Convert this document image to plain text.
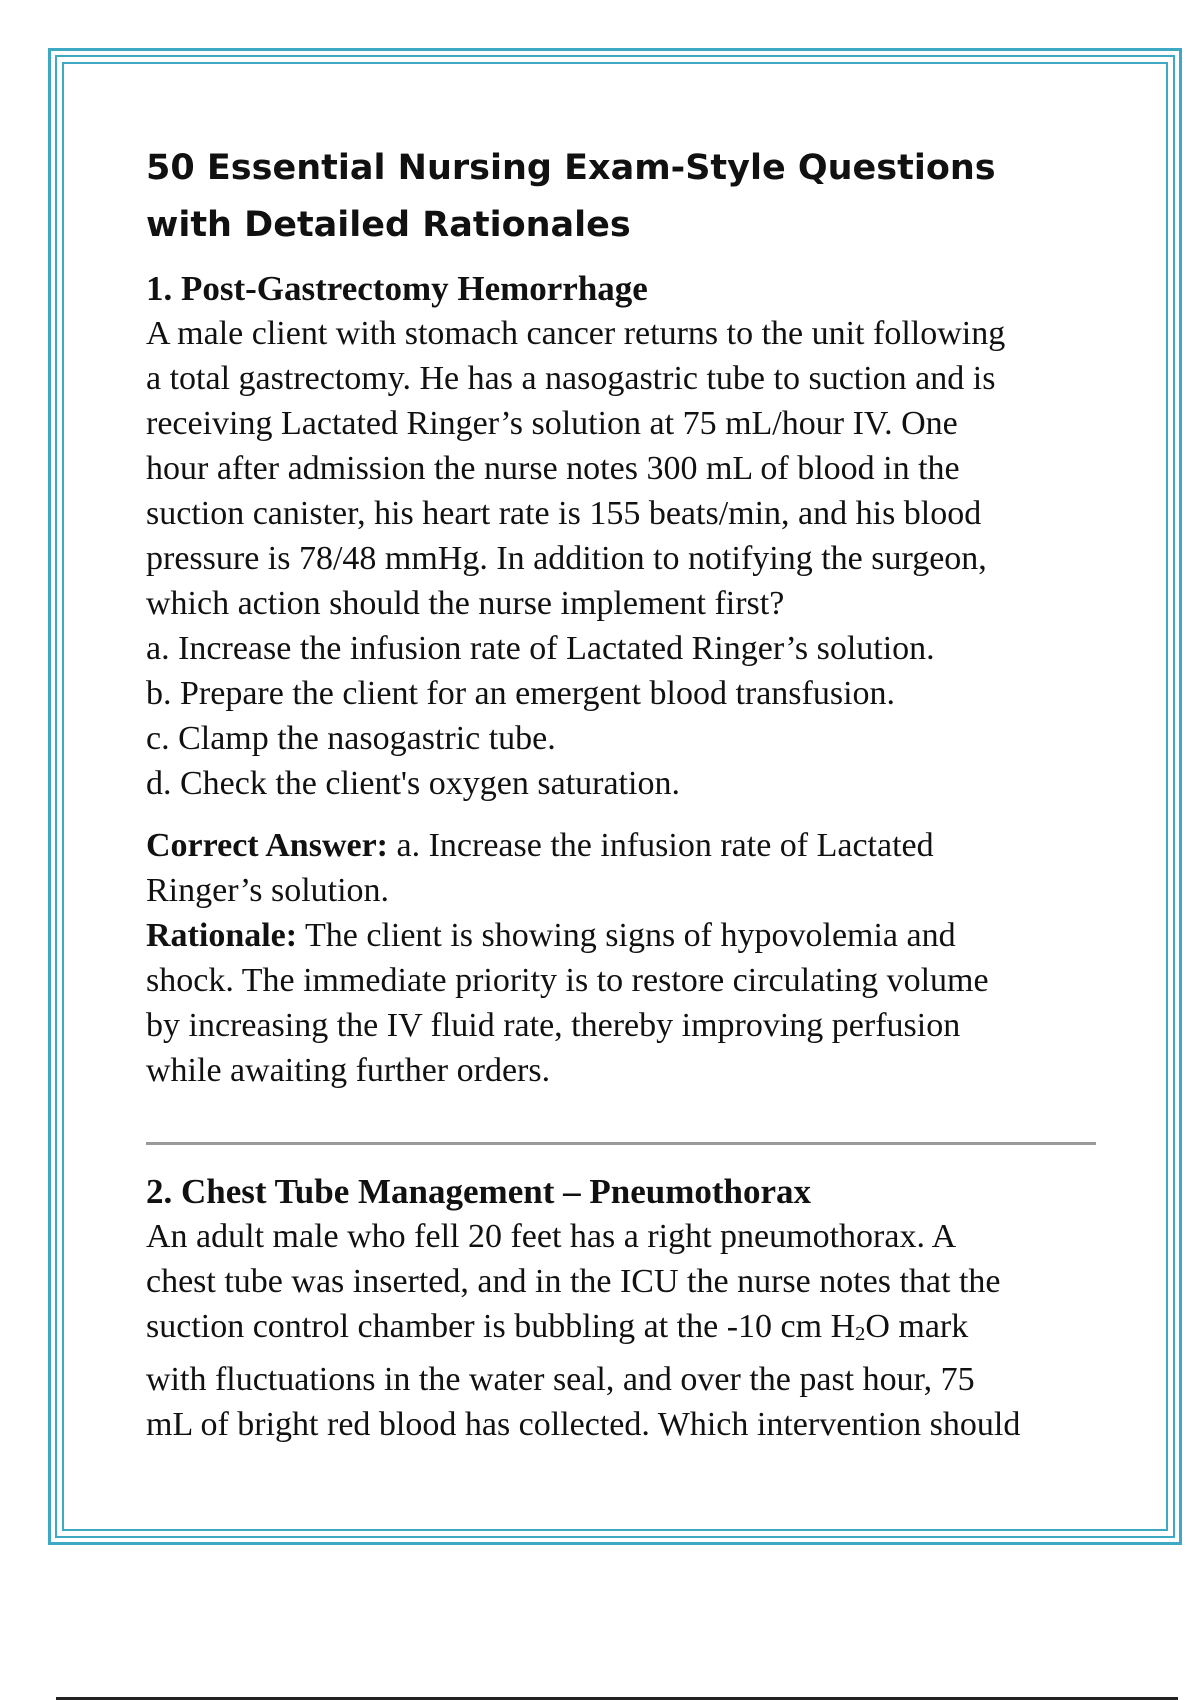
50 Essential Nursing Exam-Style Questions
with Detailed Rationales
1. Post-Gastrectomy Hemorrhage
A male client with stomach cancer returns to the unit following
a total gastrectomy. He has a nasogastric tube to suction and is
receiving Lactated Ringer’s solution at 75 mL/hour IV. One
hour after admission the nurse notes 300 mL of blood in the
suction canister, his heart rate is 155 beats/min, and his blood
pressure is 78/48 mmHg. In addition to notifying the surgeon,
which action should the nurse implement first?
a. Increase the infusion rate of Lactated Ringer’s solution.
b. Prepare the client for an emergent blood transfusion.
c. Clamp the nasogastric tube.
d. Check the client's oxygen saturation.
Correct Answer: a. Increase the infusion rate of Lactated
Ringer’s solution.
Rationale: The client is showing signs of hypovolemia and
shock. The immediate priority is to restore circulating volume
by increasing the IV fluid rate, thereby improving perfusion
while awaiting further orders.
2. Chest Tube Management – Pneumothorax
An adult male who fell 20 feet has a right pneumothorax. A
chest tube was inserted, and in the ICU the nurse notes that the
suction control chamber is bubbling at the -10 cm $H_2O$ mark
with fluctuations in the water seal, and over the past hour, 75
mL of bright red blood has collected. Which intervention should
